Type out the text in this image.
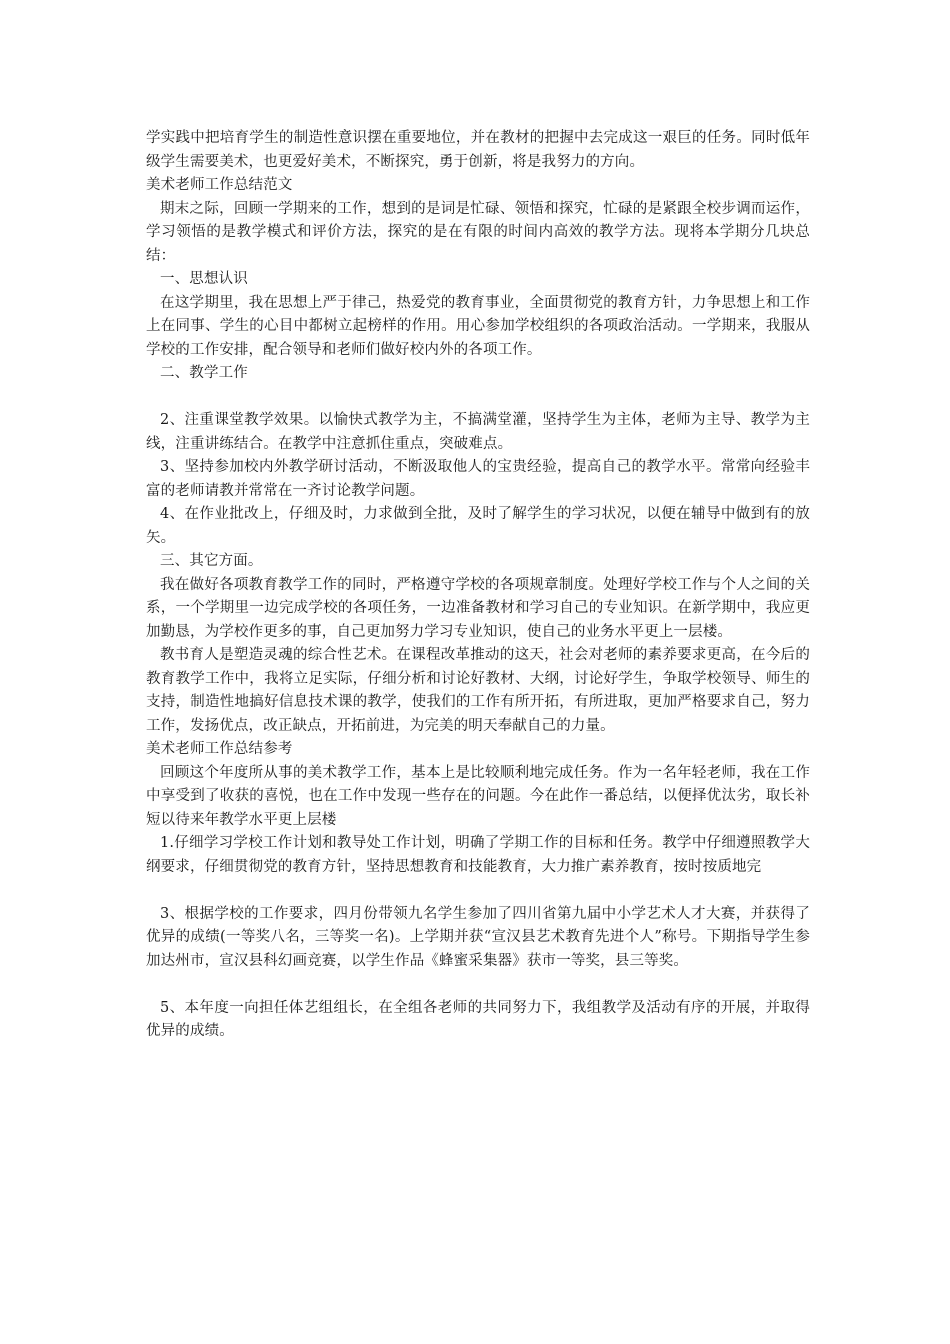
学实践中把培育学生的制造性意识摆在重要地位，并在教材的把握中去完成这一艰巨的任务。同时低年级学生需要美术，也更爱好美术，不断探究，勇于创新，将是我努力的方向。

美术老师工作总结范文

期末之际，回顾一学期来的工作，想到的是词是忙碌、领悟和探究，忙碌的是紧跟全校步调而运作，学习领悟的是教学模式和评价方法，探究的是在有限的时间内高效的教学方法。现将本学期分几块总结：

一、思想认识

在这学期里，我在思想上严于律己，热爱党的教育事业，全面贯彻党的教育方针，力争思想上和工作上在同事、学生的心目中都树立起榜样的作用。用心参加学校组织的各项政治活动。一学期来，我服从学校的工作安排，配合领导和老师们做好校内外的各项工作。

二、教学工作

2、注重课堂教学效果。以愉快式教学为主，不搞满堂灌，坚持学生为主体，老师为主导、教学为主线，注重讲练结合。在教学中注意抓住重点，突破难点。

3、坚持参加校内外教学研讨活动，不断汲取他人的宝贵经验，提高自己的教学水平。常常向经验丰富的老师请教并常常在一齐讨论教学问题。

4、在作业批改上，仔细及时，力求做到全批，及时了解学生的学习状况，以便在辅导中做到有的放矢。

三、其它方面。

我在做好各项教育教学工作的同时，严格遵守学校的各项规章制度。处理好学校工作与个人之间的关系，一个学期里一边完成学校的各项任务，一边准备教材和学习自己的专业知识。在新学期中，我应更加勤恳，为学校作更多的事，自己更加努力学习专业知识，使自己的业务水平更上一层楼。

教书育人是塑造灵魂的综合性艺术。在课程改革推动的这天，社会对老师的素养要求更高，在今后的教育教学工作中，我将立足实际，仔细分析和讨论好教材、大纲，讨论好学生，争取学校领导、师生的支持，制造性地搞好信息技术课的教学，使我们的工作有所开拓，有所进取，更加严格要求自己，努力工作，发扬优点，改正缺点，开拓前进，为完美的明天奉献自己的力量。

美术老师工作总结参考

回顾这个年度所从事的美术教学工作，基本上是比较顺利地完成任务。作为一名年轻老师，我在工作中享受到了收获的喜悦，也在工作中发现一些存在的问题。今在此作一番总结，以便择优汰劣，取长补短以待来年教学水平更上层楼

1.仔细学习学校工作计划和教导处工作计划，明确了学期工作的目标和任务。教学中仔细遵照教学大纲要求，仔细贯彻党的教育方针，坚持思想教育和技能教育，大力推广素养教育，按时按质地完

3、根据学校的工作要求，四月份带领九名学生参加了四川省第九届中小学艺术人才大赛，并获得了优异的成绩(一等奖八名，三等奖一名)。上学期并获“宣汉县艺术教育先进个人”称号。下期指导学生参加达州市，宣汉县科幻画竞赛，以学生作品《蜂蜜采集器》获市一等奖，县三等奖。

5、本年度一向担任体艺组组长，在全组各老师的共同努力下，我组教学及活动有序的开展，并取得优异的成绩。
